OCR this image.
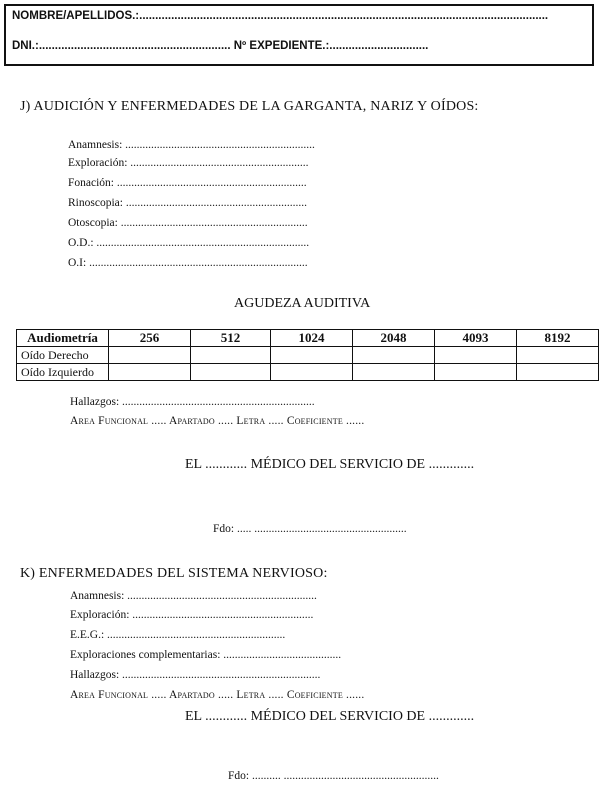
NOMBRE/APELLIDOS.:................................................................................................................................
DNI.:............................................................ Nº EXPEDIENTE.:...............................
J) AUDICIÓN Y ENFERMEDADES DE LA GARGANTA, NARIZ Y OÍDOS:
Anamnesis: ..................................................................
Exploración: ..............................................................
Fonación: ..................................................................
Rinoscopia: ...............................................................
Otoscopia: .................................................................
O.D.: ..........................................................................
O.I: ............................................................................
AGUDEZA AUDITIVA
Audiometría	256	512	1024	2048	4093	8192
Oído Derecho						
Oído Izquierdo						
Hallazgos: ...................................................................
Area Funcional ..... Apartado ..... Letra ..... Coeficiente ......
EL ............ MÉDICO DEL SERVICIO DE .............
Fdo: ..... .....................................................
K) ENFERMEDADES DEL SISTEMA NERVIOSO:
Anamnesis: ..................................................................
Exploración: ...............................................................
E.E.G.: ..............................................................
Exploraciones complementarias: .........................................
Hallazgos: .....................................................................
Area Funcional ..... Apartado ..... Letra ..... Coeficiente ......
EL ............ MÉDICO DEL SERVICIO DE .............
Fdo: .......... ......................................................
